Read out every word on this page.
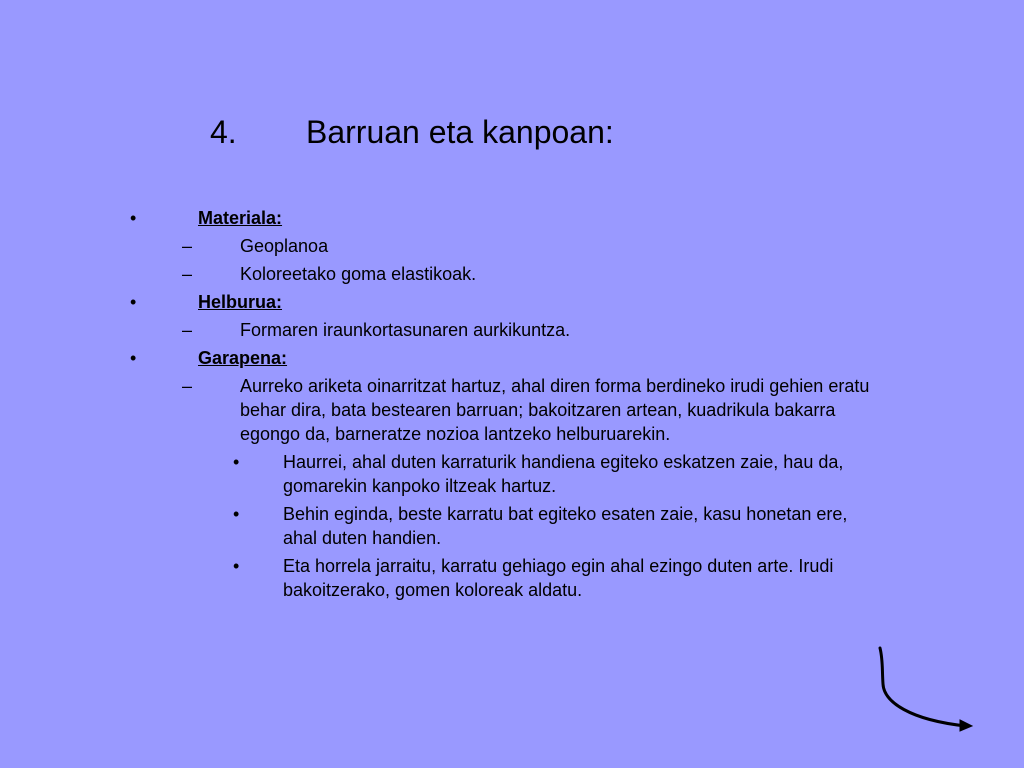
4. Barruan eta kanpoan:
•	Materiala:
–	Geoplanoa
–	Koloreetako goma elastikoak.
•	Helburua:
–	Formaren iraunkortasunaren aurkikuntza.
•	Garapena:
–	Aurreko ariketa oinarritzat hartuz, ahal diren forma berdineko irudi gehien eratu behar dira, bata bestearen barruan; bakoitzaren artean, kuadrikula bakarra egongo da, barneratze nozioa lantzeko helburuarekin.
• Haurrei, ahal duten karraturik handiena egiteko eskatzen zaie, hau da, gomarekin kanpoko iltzeak hartuz.
• Behin eginda, beste karratu bat egiteko esaten zaie, kasu honetan ere, ahal duten handien.
• Eta horrela jarraitu, karratu gehiago egin ahal ezingo duten arte. Irudi bakoitzerako, gomen koloreak aldatu.
